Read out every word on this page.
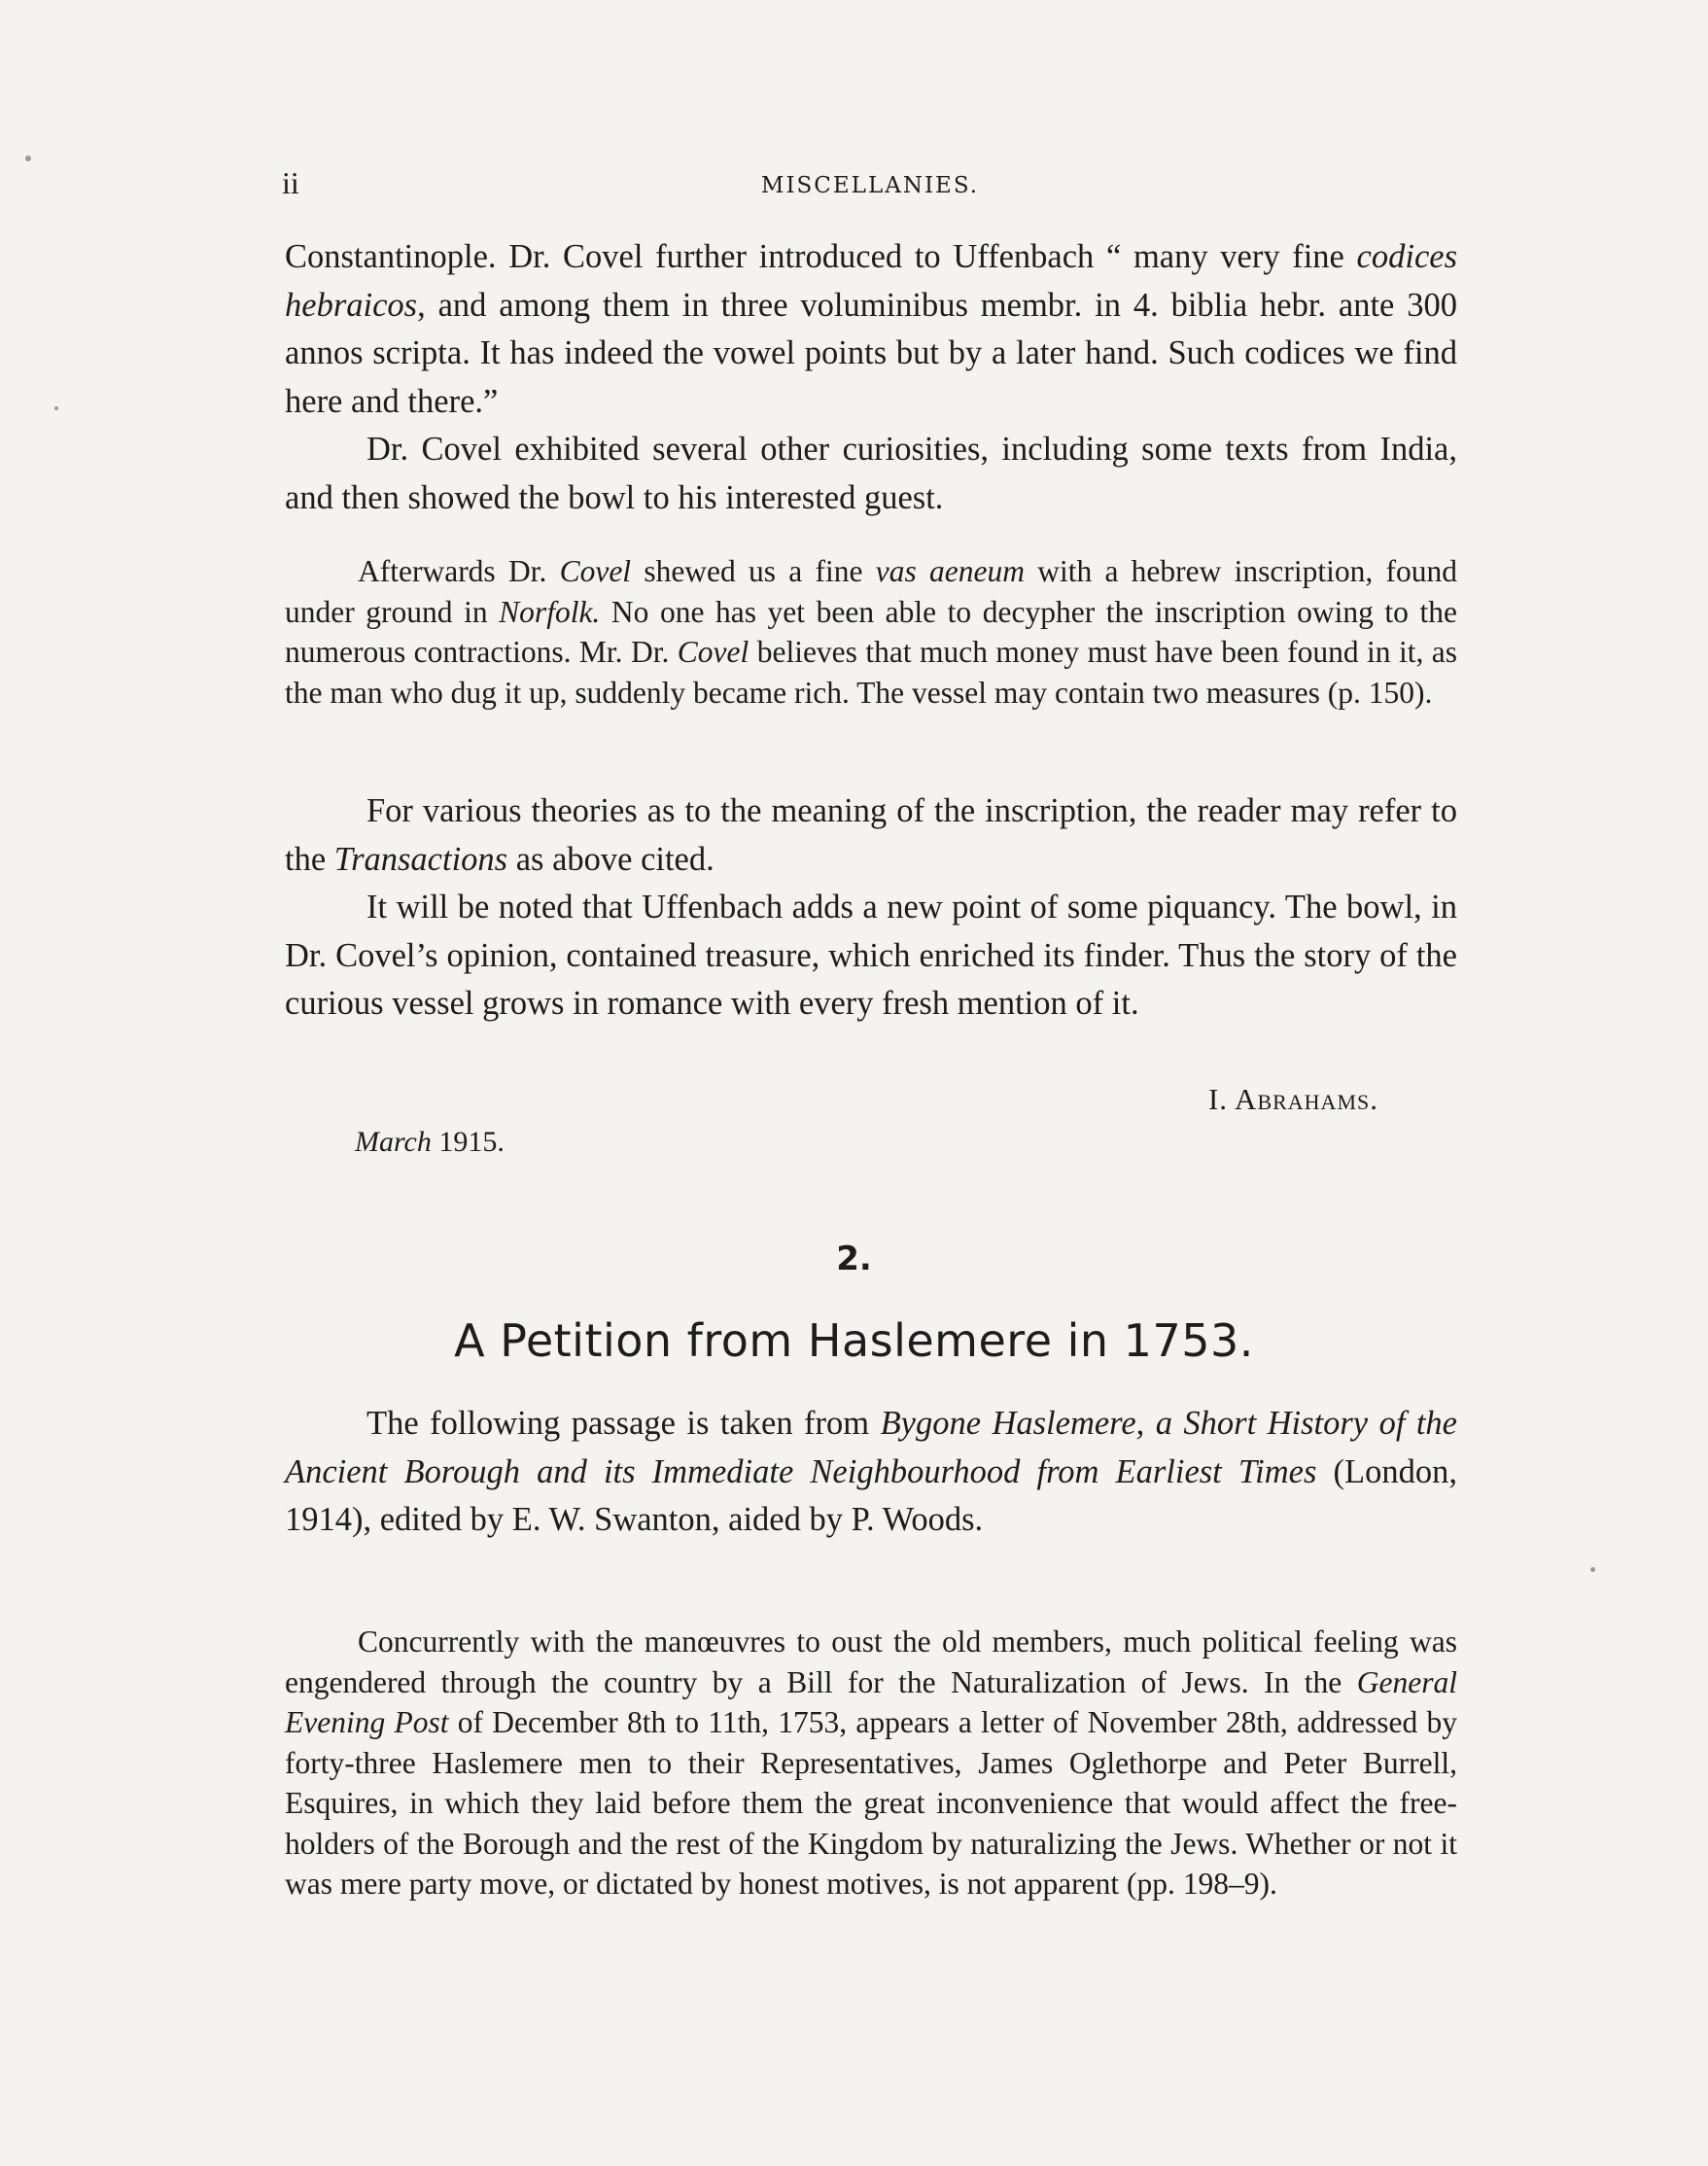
ii	MISCELLANIES.

Constantinople. Dr. Covel further introduced to Uffenbach “ many very fine codices hebraicos, and among them in three voluminibus membr. in 4. biblia hebr. ante 300 annos scripta. It has indeed the vowel points but by a later hand. Such codices we find here and there.”

Dr. Covel exhibited several other curiosities, including some texts from India, and then showed the bowl to his interested guest.

Afterwards Dr. Covel shewed us a fine vas aeneum with a hebrew inscription, found under ground in Norfolk. No one has yet been able to decypher the inscription owing to the numerous contractions. Mr. Dr. Covel believes that much money must have been found in it, as the man who dug it up, suddenly became rich. The vessel may contain two measures (p. 150).

For various theories as to the meaning of the inscription, the reader may refer to the Transactions as above cited.

It will be noted that Uffenbach adds a new point of some piquancy. The bowl, in Dr. Covel’s opinion, contained treasure, which enriched its finder. Thus the story of the curious vessel grows in romance with every fresh mention of it.

I. Abrahams.
March 1915.
2.
A Petition from Haslemere in 1753.

The following passage is taken from Bygone Haslemere, a Short History of the Ancient Borough and its Immediate Neighbourhood from Earliest Times (London, 1914), edited by E. W. Swanton, aided by P. Woods.

Concurrently with the manœuvres to oust the old members, much political feeling was engendered through the country by a Bill for the Naturalization of Jews. In the General Evening Post of December 8th to 11th, 1753, appears a letter of November 28th, addressed by forty-three Haslemere men to their Representatives, James Oglethorpe and Peter Burrell, Esquires, in which they laid before them the great inconvenience that would affect the free-holders of the Borough and the rest of the Kingdom by naturalizing the Jews. Whether or not it was mere party move, or dictated by honest motives, is not apparent (pp. 198–9).
